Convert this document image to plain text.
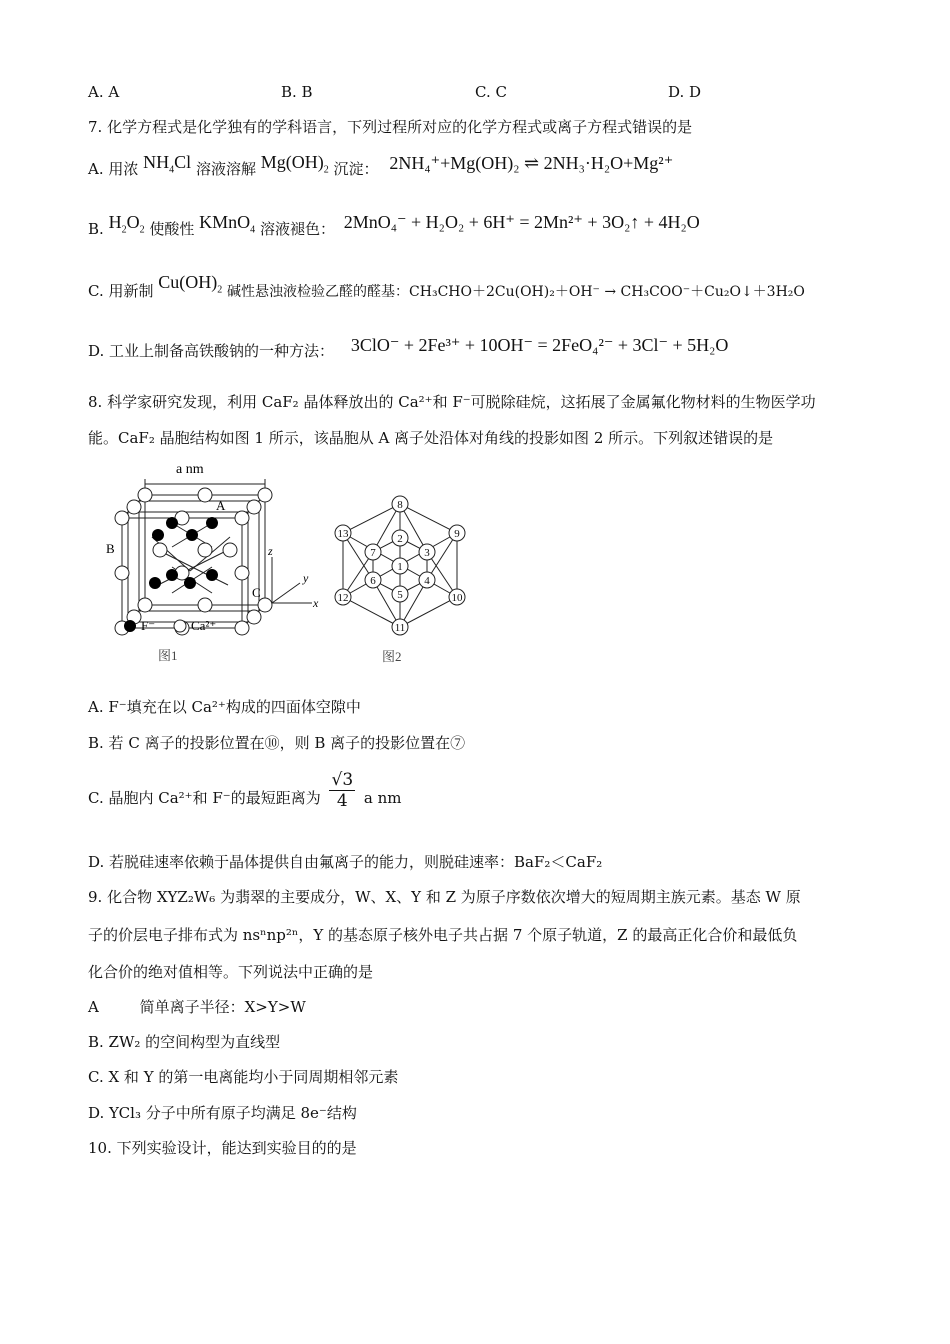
A. A	B. B	C. C	D. D
7. 化学方程式是化学独有的学科语言，下列过程所对应的化学方程式或离子方程式错误的是
A. 用浓 $NH_4Cl$ 溶液溶解 $Mg(OH)_2$ 沉淀： 2NH₄⁺+Mg(OH)₂ ⇌ 2NH₃·H₂O+Mg²⁺
B. $H_2O_2$ 使酸性 KMnO$_4$ 溶液褪色： 2MnO₄⁻ + H₂O₂ + 6H⁺ = 2Mn²⁺ + 3O₂↑ + 4H₂O
C. 用新制 $Cu(OH)_2$ 碱性悬浊液检验乙醛的醛基：CH₃CHO＋2Cu(OH)₂＋OH⁻ → CH₃COO⁻＋Cu₂O↓＋3H₂O
D. 工业上制备高铁酸钠的一种方法： 3ClO⁻ + 2Fe³⁺ + 10OH⁻ = 2FeO₄²⁻ + 3Cl⁻ + 5H₂O
8. 科学家研究发现，利用 CaF₂ 晶体释放出的 Ca²⁺和 F⁻可脱除硅烷，这拓展了金属氟化物材料的生物医学功
能。CaF₂ 晶胞结构如图 1 所示，该晶胞从 A 离子处沿体对角线的投影如图 2 所示。下列叙述错误的是
a nm
A
B
C
z
y
x
F⁻	Ca²⁺
图1
1
2
3
4
5
6
7
8
9
10
11
12
13
图2
A. F⁻填充在以 Ca²⁺构成的四面体空隙中
B. 若 C 离子的投影位置在⑩，则 B 离子的投影位置在⑦
C. 晶胞内 Ca²⁺和 F⁻的最短距离为 $\frac{√3}{4}$ a nm
D. 若脱硅速率依赖于晶体提供自由氟离子的能力，则脱硅速率：BaF₂＜CaF₂
9. 化合物 XYZ₂W₆ 为翡翠的主要成分，W、X、Y 和 Z 为原子序数依次增大的短周期主族元素。基态 W 原
子的价层电子排布式为 nsⁿnp²ⁿ，Y 的基态原子核外电子共占据 7 个原子轨道，Z 的最高正化合价和最低负
化合价的绝对值相等。下列说法中正确的是
A	简单离子半径：X>Y>W
B. ZW₂ 的空间构型为直线型
C. X 和 Y 的第一电离能均小于同周期相邻元素
D. YCl₃ 分子中所有原子均满足 8e⁻结构
10. 下列实验设计，能达到实验目的的是
